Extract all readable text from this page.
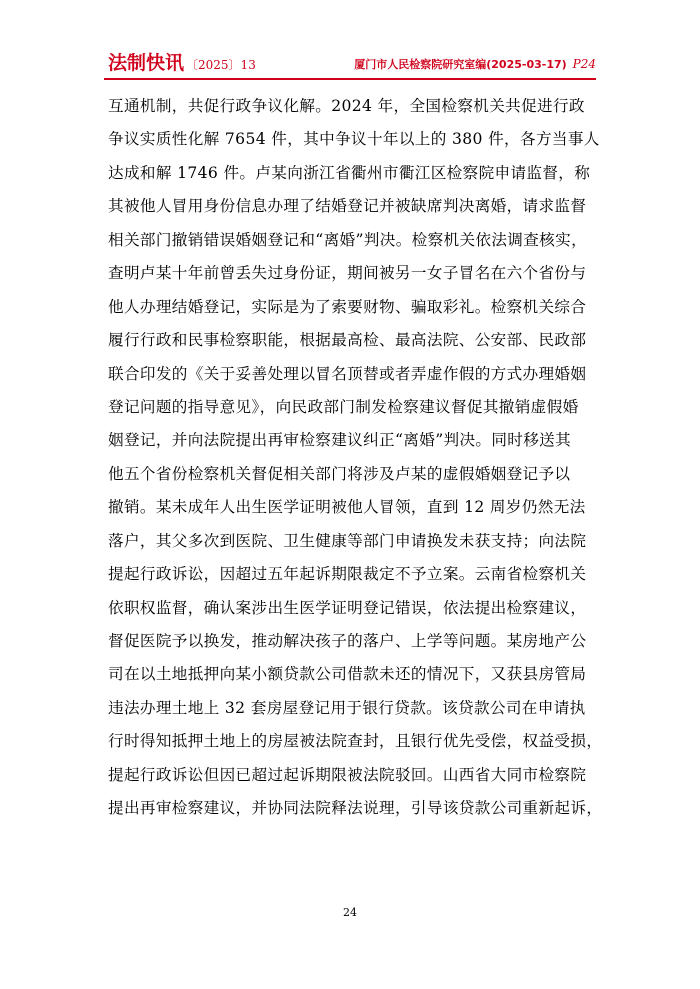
法制快讯 〔2025〕13	厦门市人民检察院研究室编(2025-03-17) P24
互通机制，共促行政争议化解。2024 年，全国检察机关共促进行政
争议实质性化解 7654 件，其中争议十年以上的 380 件，各方当事人
达成和解 1746 件。卢某向浙江省衢州市衢江区检察院申请监督，称
其被他人冒用身份信息办理了结婚登记并被缺席判决离婚，请求监督
相关部门撤销错误婚姻登记和“离婚”判决。检察机关依法调查核实，
查明卢某十年前曾丢失过身份证，期间被另一女子冒名在六个省份与
他人办理结婚登记，实际是为了索要财物、骗取彩礼。检察机关综合
履行行政和民事检察职能，根据最高检、最高法院、公安部、民政部
联合印发的《关于妥善处理以冒名顶替或者弄虚作假的方式办理婚姻
登记问题的指导意见》，向民政部门制发检察建议督促其撤销虚假婚
姻登记，并向法院提出再审检察建议纠正“离婚”判决。同时移送其
他五个省份检察机关督促相关部门将涉及卢某的虚假婚姻登记予以
撤销。某未成年人出生医学证明被他人冒领，直到 12 周岁仍然无法
落户，其父多次到医院、卫生健康等部门申请换发未获支持；向法院
提起行政诉讼，因超过五年起诉期限裁定不予立案。云南省检察机关
依职权监督，确认案涉出生医学证明登记错误，依法提出检察建议，
督促医院予以换发，推动解决孩子的落户、上学等问题。某房地产公
司在以土地抵押向某小额贷款公司借款未还的情况下，又获县房管局
违法办理土地上 32 套房屋登记用于银行贷款。该贷款公司在申请执
行时得知抵押土地上的房屋被法院查封，且银行优先受偿，权益受损，
提起行政诉讼但因已超过起诉期限被法院驳回。山西省大同市检察院
提出再审检察建议，并协同法院释法说理，引导该贷款公司重新起诉，
24
